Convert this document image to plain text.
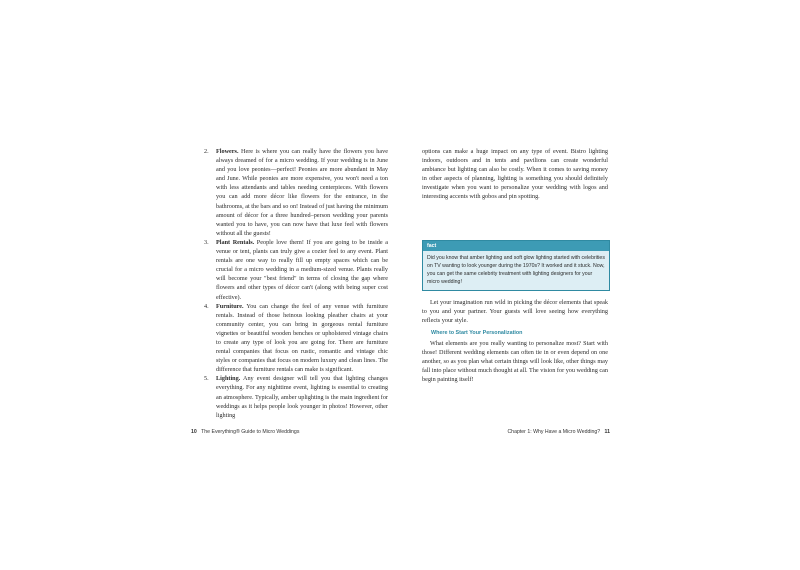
2. Flowers. Here is where you can really have the flowers you have always dreamed of for a micro wedding. If your wedding is in June and you love peonies—perfect! Peonies are more abundant in May and June. While peonies are more expensive, you won't need a ton with less attendants and tables needing centerpieces. With flowers you can add more décor like flowers for the entrance, in the bathrooms, at the bars and so on! Instead of just having the minimum amount of décor for a three hundred–person wedding your parents wanted you to have, you can now have that luxe feel with flowers without all the guests!

3. Plant Rentals. People love them! If you are going to be inside a venue or tent, plants can truly give a cozier feel to any event. Plant rentals are one way to really fill up empty spaces which can be crucial for a micro wedding in a medium-sized venue. Plants really will become your "best friend" in terms of closing the gap where flowers and other types of décor can't (along with being super cost effective).

4. Furniture. You can change the feel of any venue with furniture rentals. Instead of those heinous looking pleather chairs at your community center, you can bring in gorgeous rental furniture vignettes or beautiful wooden benches or upholstered vintage chairs to create any type of look you are going for. There are furniture rental companies that focus on rustic, romantic and vintage chic styles or companies that focus on modern luxury and clean lines. The difference that furniture rentals can make is significant.

5. Lighting. Any event designer will tell you that lighting changes everything. For any nighttime event, lighting is essential to creating an atmosphere. Typically, amber uplighting is the main ingredient for weddings as it helps people look younger in photos! However, other lighting

10 The Everything® Guide to Micro Weddings

options can make a huge impact on any type of event. Bistro lighting indoors, outdoors and in tents and pavilions can create wonderful ambiance but lighting can also be costly. When it comes to saving money in other aspects of planning, lighting is something you should definitely investigate when you want to personalize your wedding with logos and interesting accents with gobos and pin spotting.

fact

Did you know that amber lighting and soft glow lighting started with celebrities on TV wanting to look younger during the 1970s? It worked and it stuck. Now, you can get the same celebrity treatment with lighting designers for your micro wedding!

Let your imagination run wild in picking the décor elements that speak to you and your partner. Your guests will love seeing how everything reflects your style.

Where to Start Your Personalization

What elements are you really wanting to personalize most? Start with those! Different wedding elements can often tie in or even depend on one another, so as you plan what certain things will look like, other things may fall into place without much thought at all. The vision for you wedding can begin painting itself!

Chapter 1: Why Have a Micro Wedding? 11
